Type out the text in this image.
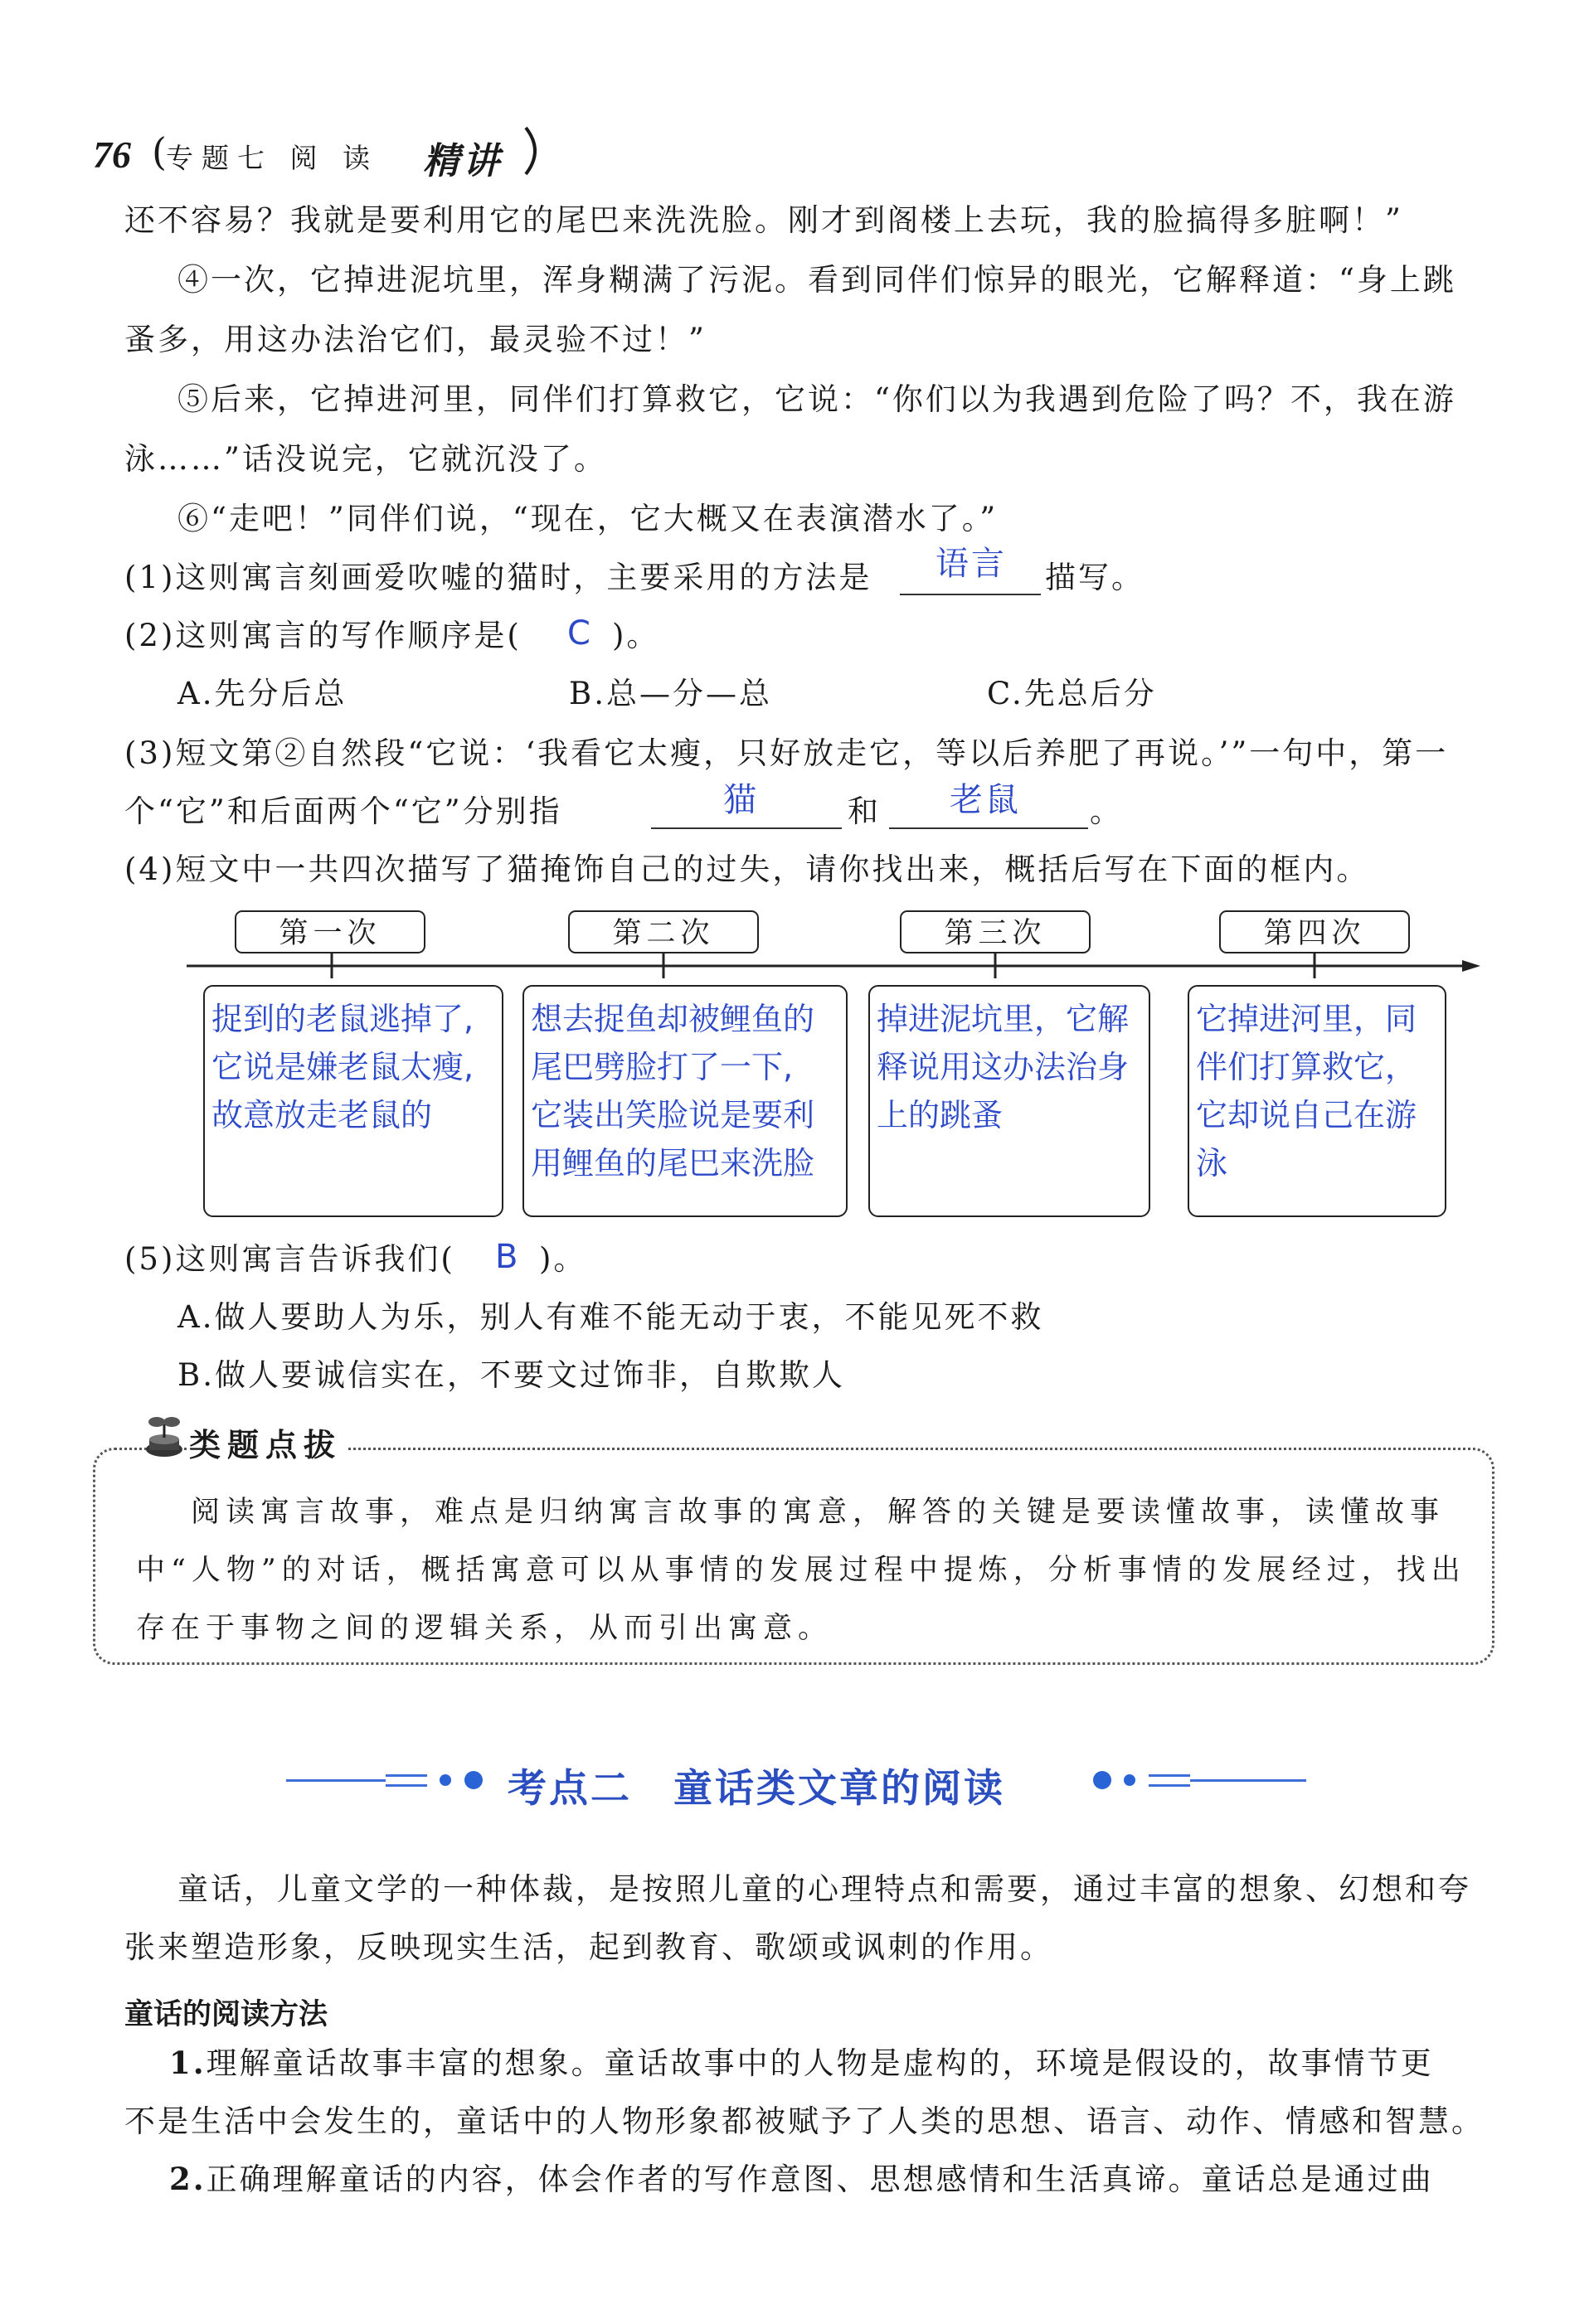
76 ( 专题七 阅 读 精讲
还不容易？我就是要利用它的尾巴来洗洗脸。刚才到阁楼上去玩，我的脸搞得多脏啊！”
④一次，它掉进泥坑里，浑身糊满了污泥。看到同伴们惊异的眼光，它解释道：“身上跳
蚤多，用这办法治它们，最灵验不过！”
⑤后来，它掉进河里，同伴们打算救它，它说：“你们以为我遇到危险了吗？不，我在游
泳……”话没说完，它就沉没了。
⑥“走吧！”同伴们说，“现在，它大概又在表演潜水了。”
(1)这则寓言刻画爱吹嘘的猫时，主要采用的方法是 语言 描写。
(2)这则寓言的写作顺序是( C )。
A.先分后总	B.总—分—总	C.先总后分
(3)短文第②自然段“它说：‘我看它太瘦，只好放走它，等以后养肥了再说。’”一句中，第一
个“它”和后面两个“它”分别指	猫	和 老鼠 。
(4)短文中一共四次描写了猫掩饰自己的过失，请你找出来，概括后写在下面的框内。
第一次	第二次	第三次	第四次
捉到的老鼠逃掉了,
它说是嫌老鼠太瘦,
故意放走老鼠的
想去捉鱼却被鲤鱼的
尾巴劈脸打了一下,
它装出笑脸说是要利
用鲤鱼的尾巴来洗脸
掉进泥坑里，它解
释说用这办法治身
上的跳蚤
它掉进河里，同
伴们打算救它，
它却说自己在游
泳
(5)这则寓言告诉我们( B )。
A.做人要助人为乐，别人有难不能无动于衷，不能见死不救
B.做人要诚信实在，不要文过饰非，自欺欺人
类题点拔
阅读寓言故事，难点是归纳寓言故事的寓意，解答的关键是要读懂故事，读懂故事
中“人物”的对话，概括寓意可以从事情的发展过程中提炼，分析事情的发展经过，找出
存在于事物之间的逻辑关系，从而引出寓意。
考点二　童话类文章的阅读
童话，儿童文学的一种体裁，是按照儿童的心理特点和需要，通过丰富的想象、幻想和夸
张来塑造形象，反映现实生活，起到教育、歌颂或讽刺的作用。
童话的阅读方法
1.理解童话故事丰富的想象。童话故事中的人物是虚构的，环境是假设的，故事情节更
不是生活中会发生的，童话中的人物形象都被赋予了人类的思想、语言、动作、情感和智慧。
2.正确理解童话的内容，体会作者的写作意图、思想感情和生活真谛。童话总是通过曲
